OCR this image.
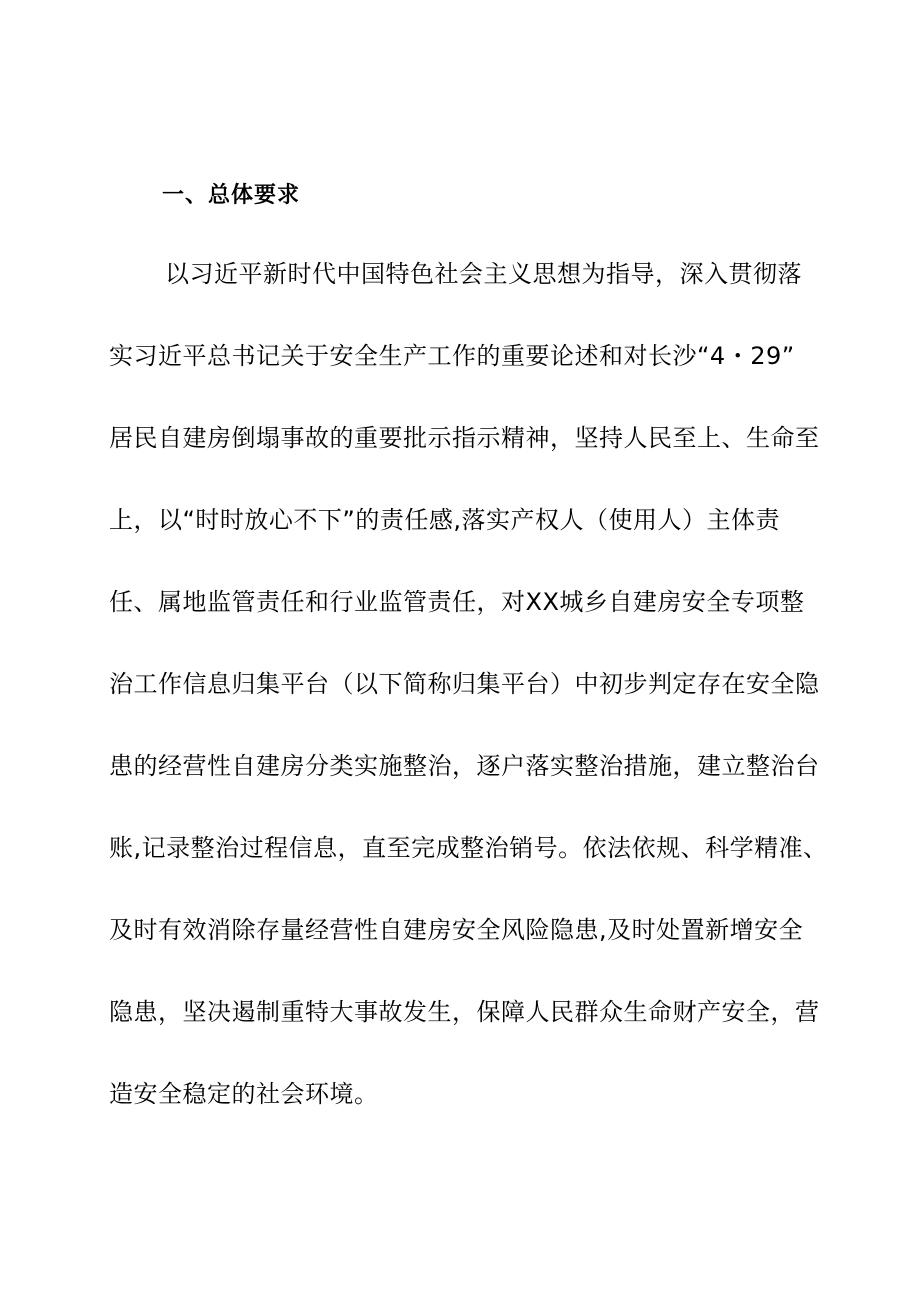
一、总体要求
以习近平新时代中国特色社会主义思想为指导，深入贯彻落
实习近平总书记关于安全生产工作的重要论述和对长沙“4・29”
居民自建房倒塌事故的重要批示指示精神，坚持人民至上、生命至
上，以“时时放心不下”的责任感,落实产权人（使用人）主体责
任、属地监管责任和行业监管责任，对XX城乡自建房安全专项整
治工作信息归集平台（以下简称归集平台）中初步判定存在安全隐
患的经营性自建房分类实施整治，逐户落实整治措施，建立整治台
账,记录整治过程信息，直至完成整治销号。依法依规、科学精准、
及时有效消除存量经营性自建房安全风险隐患,及时处置新增安全
隐患，坚决遏制重特大事故发生，保障人民群众生命财产安全，营
造安全稳定的社会环境。
